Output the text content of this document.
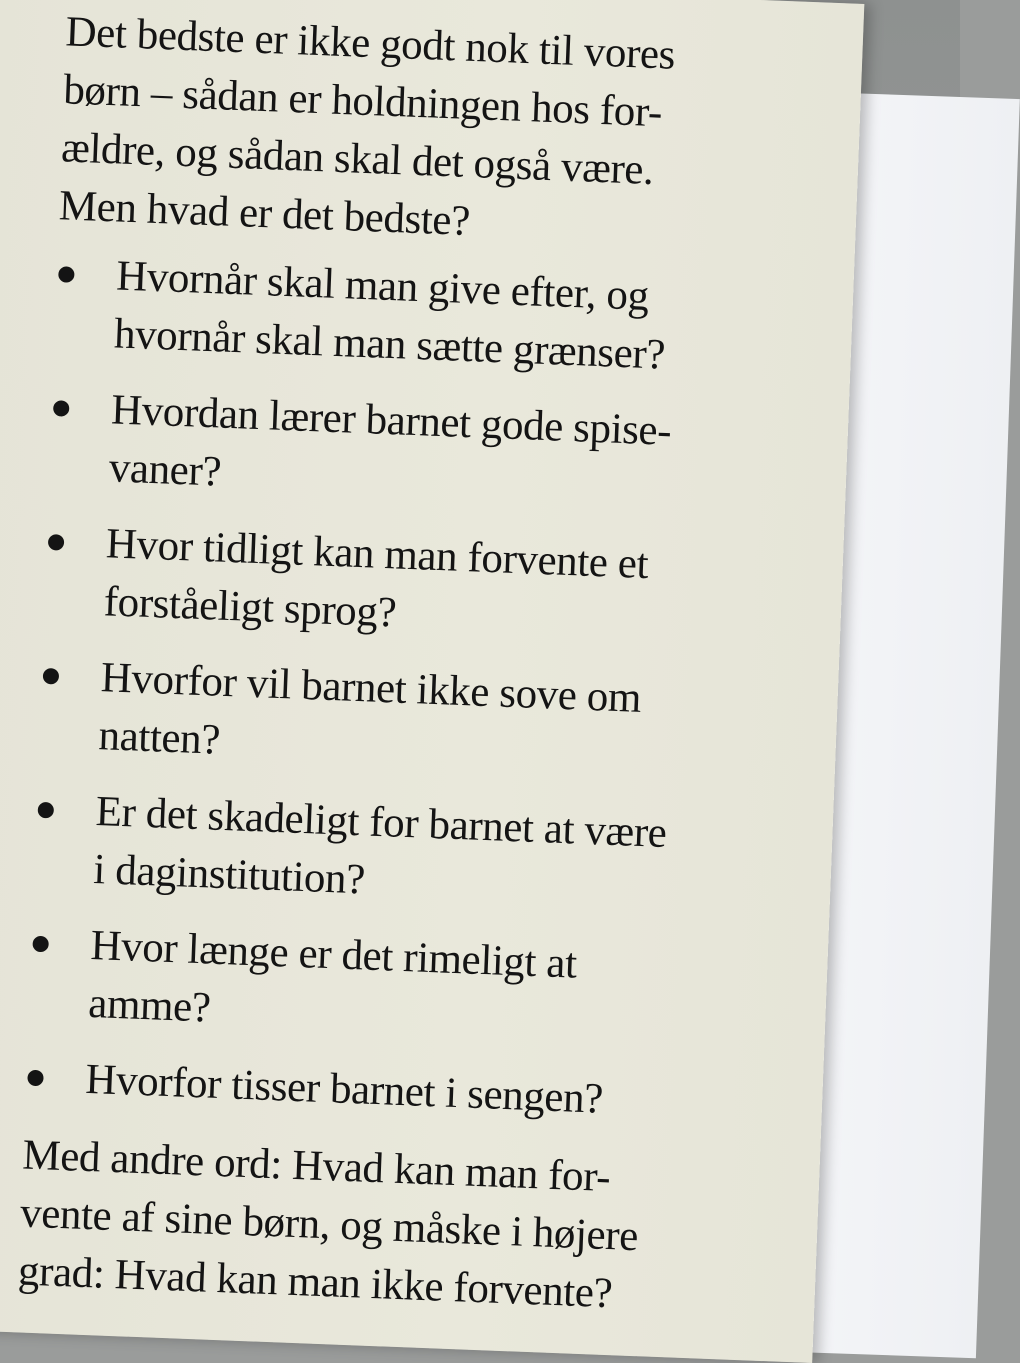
Det bedste er ikke godt nok til vores

børn – sådan er holdningen hos for-

ældre, og sådan skal det også være.

Men hvad er det bedste?

Hvornår skal man give efter, og
hvornår skal man sætte grænser?
Hvordan lærer barnet gode spise-
vaner?
Hvor tidligt kan man forvente et
forståeligt sprog?
Hvorfor vil barnet ikke sove om
natten?
Er det skadeligt for barnet at være
i daginstitution?
Hvor længe er det rimeligt at
amme?
Hvorfor tisser barnet i sengen?

Med andre ord: Hvad kan man for-

vente af sine børn, og måske i højere

grad: Hvad kan man ikke forvente?
